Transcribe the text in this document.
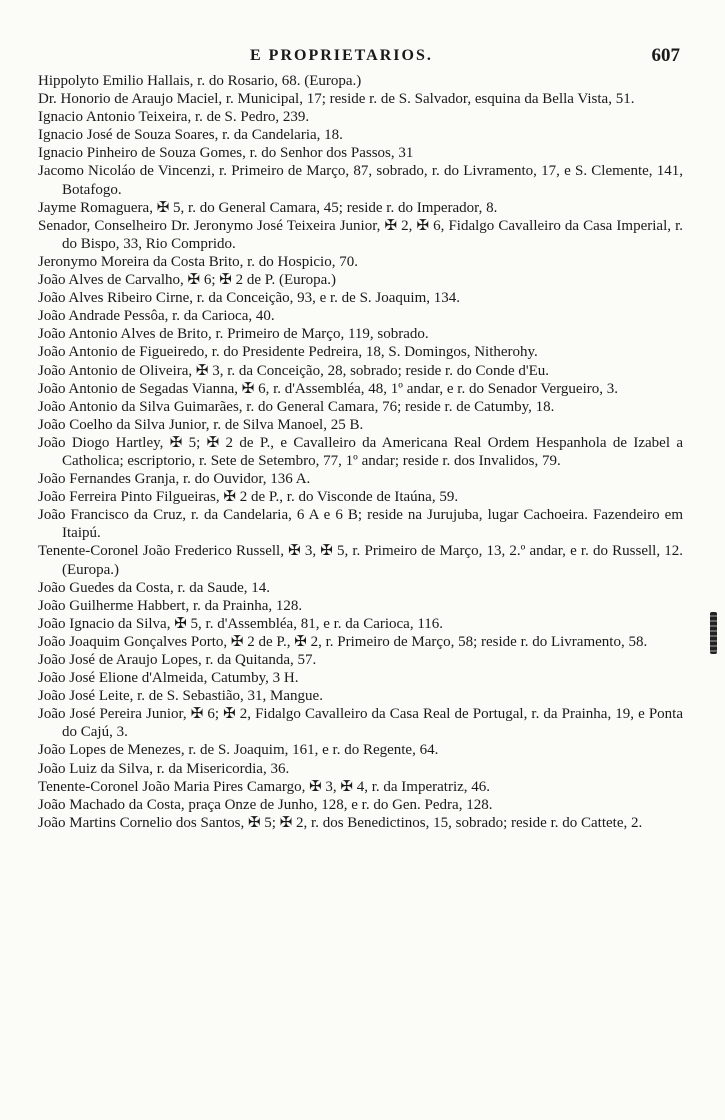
E PROPRIETARIOS.	607
Hippolyto Emilio Hallais, r. do Rosario, 68. (Europa.)
Dr. Honorio de Araujo Maciel, r. Municipal, 17; reside r. de S. Salvador, esquina da Bella Vista, 51.
Ignacio Antonio Teixeira, r. de S. Pedro, 239.
Ignacio José de Souza Soares, r. da Candelaria, 18.
Ignacio Pinheiro de Souza Gomes, r. do Senhor dos Passos, 31
Jacomo Nicoláo de Vincenzi, r. Primeiro de Março, 87, sobrado, r. do Livramento, 17, e S. Clemente, 141, Botafogo.
Jayme Romaguera, ✠ 5, r. do General Camara, 45; reside r. do Imperador, 8.
Senador, Conselheiro Dr. Jeronymo José Teixeira Junior, ✠ 2, ✠ 6, Fidalgo Cavalleiro da Casa Imperial, r. do Bispo, 33, Rio Comprido.
Jeronymo Moreira da Costa Brito, r. do Hospicio, 70.
João Alves de Carvalho, ✠ 6; ✠ 2 de P. (Europa.)
João Alves Ribeiro Cirne, r. da Conceição, 93, e r. de S. Joaquim, 134.
João Andrade Pessôa, r. da Carioca, 40.
João Antonio Alves de Brito, r. Primeiro de Março, 119, sobrado.
João Antonio de Figueiredo, r. do Presidente Pedreira, 18, S. Domingos, Nitherohy.
João Antonio de Oliveira, ✠ 3, r. da Conceição, 28, sobrado; reside r. do Conde d'Eu.
João Antonio de Segadas Vianna, ✠ 6, r. d'Assembléa, 48, 1º andar, e r. do Senador Vergueiro, 3.
João Antonio da Silva Guimarães, r. do General Camara, 76; reside r. de Catumby, 18.
João Coelho da Silva Junior, r. de Silva Manoel, 25 B.
João Diogo Hartley, ✠ 5; ✠ 2 de P., e Cavalleiro da Americana Real Ordem Hespanhola de Izabel a Catholica; escriptorio, r. Sete de Setembro, 77, 1º andar; reside r. dos Invalidos, 79.
João Fernandes Granja, r. do Ouvidor, 136 A.
João Ferreira Pinto Filgueiras, ✠ 2 de P., r. do Visconde de Itaúna, 59.
João Francisco da Cruz, r. da Candelaria, 6 A e 6 B; reside na Jurujuba, lugar Cachoeira. Fazendeiro em Itaipú.
Tenente-Coronel João Frederico Russell, ✠ 3, ✠ 5, r. Primeiro de Março, 13, 2.º andar, e r. do Russell, 12. (Europa.)
João Guedes da Costa, r. da Saude, 14.
João Guilherme Habbert, r. da Prainha, 128.
João Ignacio da Silva, ✠ 5, r. d'Assembléa, 81, e r. da Carioca, 116.
João Joaquim Gonçalves Porto, ✠ 2 de P., ✠ 2, r. Primeiro de Março, 58; reside r. do Livramento, 58.
João José de Araujo Lopes, r. da Quitanda, 57.
João José Elione d'Almeida, Catumby, 3 H.
João José Leite, r. de S. Sebastião, 31, Mangue.
João José Pereira Junior, ✠ 6; ✠ 2, Fidalgo Cavalleiro da Casa Real de Portugal, r. da Prainha, 19, e Ponta do Cajú, 3.
João Lopes de Menezes, r. de S. Joaquim, 161, e r. do Regente, 64.
João Luiz da Silva, r. da Misericordia, 36.
Tenente-Coronel João Maria Pires Camargo, ✠ 3, ✠ 4, r. da Imperatriz, 46.
João Machado da Costa, praça Onze de Junho, 128, e r. do Gen. Pedra, 128.
João Martins Cornelio dos Santos, ✠ 5; ✠ 2, r. dos Benedictinos, 15, sobrado; reside r. do Cattete, 2.
